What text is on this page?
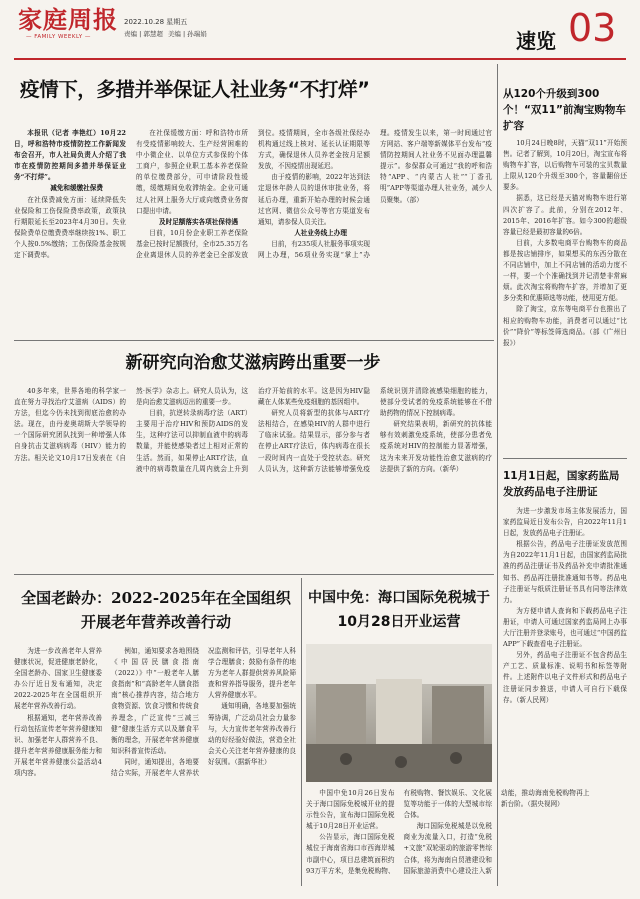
家庭周报
— FAMILY WEEKLY —
2022.10.28 星期五
责编 | 郭慧超 美编 | 孙瑞娟	速览 03
疫情下，多措并举保证人社业务“不打烊”

本报讯（记者 李艳红）10月22日，呼和浩特市疫情防控工作新闻发布会召开，市人社局负责人介绍了我市在疫情防控期间多措并举保证业务“不打烊”。

减免和缓缴社保费

在社保费减免方面：延续降低失业保险和工伤保险费率政策，政策执行期限延长至2023年4月30日。失业保险费单位缴费费率继续按1%、职工个人按0.5%缴纳；工伤保险基金按规定下调费率。

在社保缓缴方面：呼和浩特市所有受疫情影响较大、生产经营困难的中小微企业、以单位方式参保的个体工商户，参照企业职工基本养老保险的单位缴费部分，可申请阶段性缓缴，缓缴期间免收滞纳金。企业可通过人社网上服务大厅或向缴费业务窗口提出申请。

及时足额落实各项社保待遇

目前，10月份企业职工养老保险基金已按时足额拨付，全市25.35万名企业离退休人员的养老金已全部发放到位。疫情期间，全市各级社保经办机构通过线上核对、延长认证期限等方式，确保退休人员养老金按月足额发放，不因疫情出现延迟。

由于疫情的影响，2022年达到法定退休年龄人员的退休审批业务，将延后办理，重新开始办理的时候会通过官网、微信公众号等官方渠道发布通知，请参保人员关注。

人社业务线上办理

目前，有235项人社服务事项实现网上办理，56项业务实现“掌上”办理。疫情发生以来，第一时间通过官方网站、客户端等新媒体平台发布“疫情防控期间人社业务不见面办理温馨提示”。参保群众可通过“我的呼和浩特”APP、“内蒙古人社”“丁香孔明”APP等渠道办理人社业务，减少人员聚集。（部）

新研究向治愈艾滋病跨出重要一步

40多年来，世界各地的科学家一直在努力寻找治疗艾滋病（AIDS）的方法，但迄今仍未找到彻底治愈的办法。现在，由丹麦奥胡斯大学领导的一个国际研究团队找到一种增强人体自身抗击艾滋病病毒（HIV）能力的方法。相关论文10月17日发表在《自然·医学》杂志上。研究人员认为，这是向治愈艾滋病迈出的重要一步。

目前，抗逆转录病毒疗法（ART）主要用于治疗HIV和预防AIDS的发生，这种疗法可以抑制血液中的病毒数量，并能使感染者过上相对正常的生活。然而，如果停止ART疗法，血液中的病毒数量在几周内就会上升到治疗开始前的水平。这是因为HIV隐藏在人体某些免疫细胞的基因组中。

研究人员将新型的抗体与ART疗法相结合，在感染HIV的人群中进行了临床试验。结果显示，部分参与者在停止ART疗法后，体内病毒在很长一段时间内一直处于受控状态。研究人员认为，这种新方法能够增强免疫系统识别并清除被感染细胞的能力，使部分受试者的免疫系统能够在不借助药物的情况下控制病毒。

研究结果表明，新研究的抗体能够有效刺激免疫系统，使部分患者免疫系统对HIV的控制能力显著增强，这为未来开发功能性治愈艾滋病的疗法提供了新的方向。（新华）

全国老龄办：2022-2025年在全国组织开展老年营养改善行动

为进一步改善老年人营养健康状况，促进健康老龄化，全国老龄办、国家卫生健康委办公厅近日发布通知，决定2022-2025年在全国组织开展老年营养改善行动。

根据通知，老年营养改善行动包括宣传老年营养健康知识、加强老年人群营养不良、提升老年营养健康服务能力和开展老年营养健康公益活动4项内容。

例如，通知要求各地围绕《中国居民膳食指南（2022）》中“一般老年人膳食指南”和“高龄老年人膳食指南”核心推荐内容，结合地方食物资源、饮食习惯和传统食养理念，广泛宣传“三减三健”健康生活方式以及膳食平衡的理念，开展老年营养健康知识科普宣传活动。

同时，通知提出，各地要结合实际，开展老年人营养状况监测和评估，引导老年人科学合理膳食；鼓励有条件的地方为老年人群提供营养风险筛查和营养指导服务，提升老年人营养健康水平。

通知明确，各地要加强统筹协调，广泛动员社会力量参与，大力宣传老年营养改善行动的好经验好做法，营造全社会关心关注老年营养健康的良好氛围。（据新华社）

中国中免：海口国际免税城于10月28日开业运营

中国中免10月26日发布关于海口国际免税城开业的提示性公告，宣布海口国际免税城于10月28日开业运营。

公告显示，海口国际免税城位于海南省海口市西海岸城市副中心，项目总建筑面积约93万平方米，是集免税购物、有税购物、餐饮娱乐、文化展览等功能于一体的大型城市综合体。

海口国际免税城是以免税商业为流量入口，打造“免税+文旅”双轮驱动的旅游零售综合体，将为海南自贸港建设和国际旅游消费中心建设注入新动能，推动海南免税购物再上新台阶。（据央视网）

从120个升级到300个！“双11”前淘宝购物车扩容

10月24日晚8时，天猫“双11”开始预售。记者了解到，10月20日，淘宝宣布将购物车扩容，以后购物车可装的宝贝数量上限从120个升级至300个，容量翻倍还要多。

据悉，这已经是天猫对购物车进行第四次扩容了。此前，分别在2012年、2015年、2016年扩容。如今300的超级容量已经是最初容量的6倍。

目前，大多数电商平台购物车的商品都是按店铺排序，如果想买的东西分散在不同店铺中，加上不同店铺的活动力度不一样，要一个个准确找到并记清楚非常麻烦。此次淘宝将购物车扩容，并增加了更多分类和优惠筛选等功能，使用更方便。

除了淘宝，京东等电商平台也推出了相应的购物车功能，消费者可以通过“比价”“降价”等标签筛选商品。（部《广州日报》）

11月1日起，国家药监局发放药品电子注册证

为进一步激发市场主体发展活力，国家药监局近日发布公告，自2022年11月1日起，发放药品电子注册证。

根据公告，药品电子注册证发放范围为自2022年11月1日起，由国家药监局批准的药品注册证书及药品补充申请批准通知书、药品再注册批准通知书等。药品电子注册证与纸质注册证书具有同等法律效力。

为方便申请人查询和下载药品电子注册证，申请人可通过国家药监局网上办事大厅注册并登录账号，也可通过“中国药监APP”下载查看电子注册证。

另外，药品电子注册证不包含药品生产工艺、质量标准、说明书和标签等附件。上述附件以电子文件形式和药品电子注册证同步推送，申请人可自行下载保存。（新人民网）
